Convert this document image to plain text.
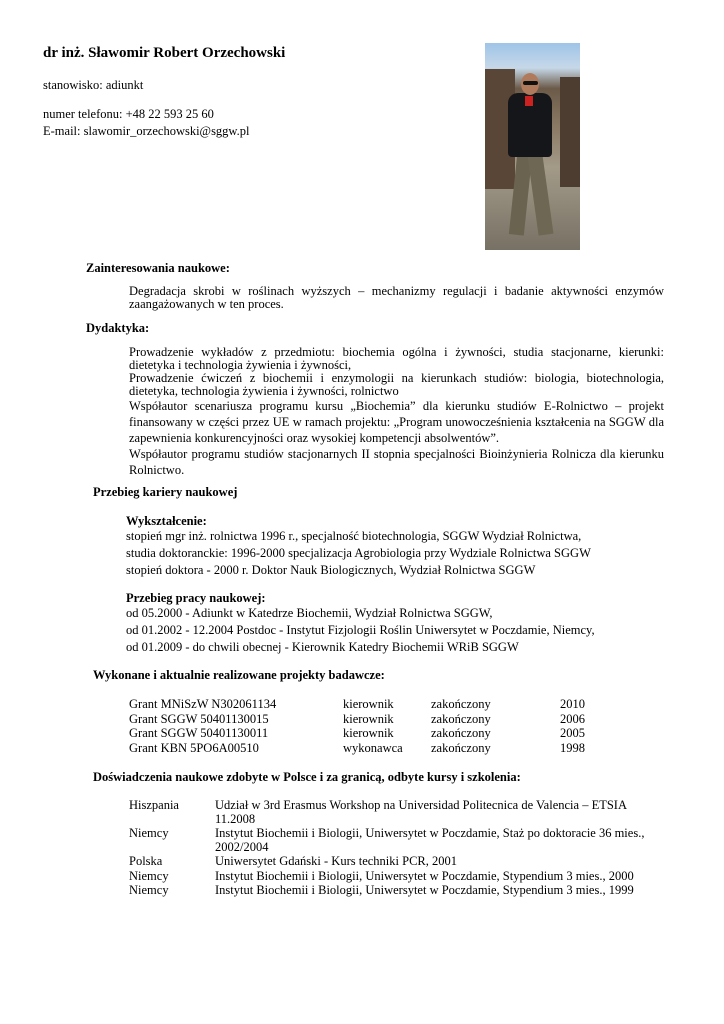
dr inż. Sławomir Robert Orzechowski
stanowisko: adiunkt
numer telefonu: +48 22 593 25 60
E-mail: slawomir_orzechowski@sggw.pl
Zainteresowania naukowe:
Degradacja skrobi w roślinach wyższych – mechanizmy regulacji i badanie aktywności enzymów zaangażowanych w ten proces.
Dydaktyka:

Prowadzenie wykładów z przedmiotu: biochemia ogólna i żywności, studia stacjonarne, kierunki: dietetyka i technologia żywienia i żywności,

Prowadzenie ćwiczeń z biochemii i enzymologii na kierunkach studiów: biologia, biotechnologia, dietetyka, technologia żywienia i żywności, rolnictwo

Współautor scenariusza programu kursu „Biochemia” dla kierunku studiów E-Rolnictwo – projekt finansowany w części przez UE w ramach projektu: „Program unowocześnienia kształcenia na SGGW dla zapewnienia konkurencyjności oraz wysokiej kompetencji absolwentów”.

Współautor programu studiów stacjonarnych II stopnia specjalności Bioinżynieria Rolnicza dla kierunku Rolnictwo.

Przebieg kariery naukowej
Wykształcenie:
stopień mgr inż. rolnictwa 1996 r., specjalność biotechnologia, SGGW Wydział Rolnictwa,
studia doktoranckie: 1996-2000 specjalizacja Agrobiologia przy Wydziale Rolnictwa SGGW
stopień doktora - 2000 r. Doktor Nauk Biologicznych, Wydział Rolnictwa SGGW
Przebieg pracy naukowej:
od 05.2000 - Adiunkt w Katedrze Biochemii, Wydział Rolnictwa SGGW,
od 01.2002 - 12.2004 Postdoc - Instytut Fizjologii Roślin Uniwersytet w Poczdamie, Niemcy,
od 01.2009 - do chwili obecnej - Kierownik Katedry Biochemii WRiB SGGW
Wykonane i aktualnie realizowane projekty badawcze:
Grant MNiSzW N302061134	kierownik	zakończony	2010
Grant SGGW 50401130015	kierownik	zakończony	2006
Grant SGGW 50401130011	kierownik	zakończony	2005
Grant KBN 5PO6A00510	wykonawca zakończony	1998
Doświadczenia naukowe zdobyte w Polsce i za granicą, odbyte kursy i szkolenia:
Hiszpania	Udział w 3rd Erasmus Workshop na Universidad Politecnica de Valencia – ETSIA 11.2008
Niemcy	Instytut Biochemii i Biologii, Uniwersytet w Poczdamie, Staż po doktoracie 36 mies., 2002/2004
Polska	Uniwersytet Gdański - Kurs techniki PCR, 2001
Niemcy	Instytut Biochemii i Biologii, Uniwersytet w Poczdamie, Stypendium 3 mies., 2000
Niemcy	Instytut Biochemii i Biologii, Uniwersytet w Poczdamie, Stypendium 3 mies., 1999
